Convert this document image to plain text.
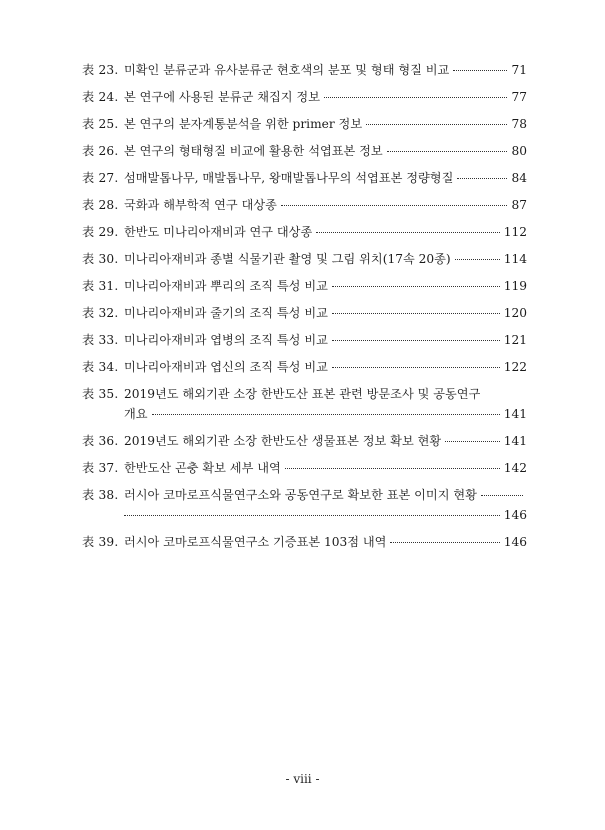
表 23. 미확인 분류군과 유사분류군 현호색의 분포 및 형태 형질 비교	71
表 24. 본 연구에 사용된 분류군 채집지 정보	77
表 25. 본 연구의 분자계통분석을 위한 primer 정보	78
表 26. 본 연구의 형태형질 비교에 활용한 석엽표본 정보	80
表 27. 섬매발톱나무, 매발톱나무, 왕매발톱나무의 석엽표본 정량형질	84
表 28. 국화과 해부학적 연구 대상종	87
表 29. 한반도 미나리아재비과 연구 대상종	112
表 30. 미나리아재비과 종별 식물기관 촬영 및 그림 위치(17속 20종)	114
表 31. 미나리아재비과 뿌리의 조직 특성 비교	119
表 32. 미나리아재비과 줄기의 조직 특성 비교	120
表 33. 미나리아재비과 엽병의 조직 특성 비교	121
表 34. 미나리아재비과 엽신의 조직 특성 비교	122
表 35. 2019년도 해외기관 소장 한반도산 표본 관련 방문조사 및 공동연구
개요	141
表 36. 2019년도 해외기관 소장 한반도산 생물표본 정보 확보 현황	141
表 37. 한반도산 곤충 확보 세부 내역	142
表 38. 러시아 코마로프식물연구소와 공동연구로 확보한 표본 이미지 현황
146
表 39. 러시아 코마로프식물연구소 기증표본 103점 내역	146
- viii -
